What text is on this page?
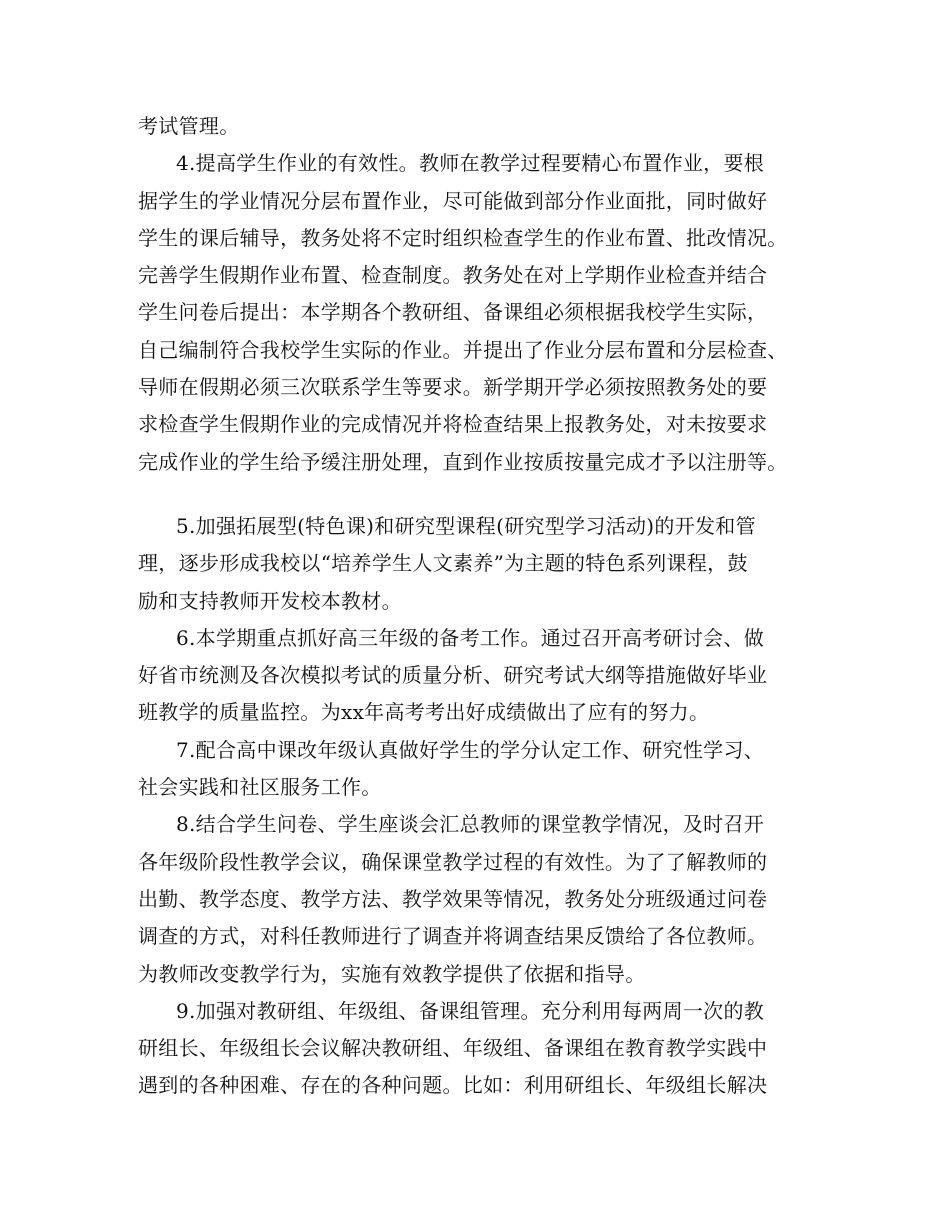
考试管理。
4.提高学生作业的有效性。教师在教学过程要精心布置作业，要根
据学生的学业情况分层布置作业，尽可能做到部分作业面批，同时做好
学生的课后辅导，教务处将不定时组织检查学生的作业布置、批改情况。
完善学生假期作业布置、检查制度。教务处在对上学期作业检查并结合
学生问卷后提出：本学期各个教研组、备课组必须根据我校学生实际，
自己编制符合我校学生实际的作业。并提出了作业分层布置和分层检查、
导师在假期必须三次联系学生等要求。新学期开学必须按照教务处的要
求检查学生假期作业的完成情况并将检查结果上报教务处，对未按要求
完成作业的学生给予缓注册处理，直到作业按质按量完成才予以注册等。
5.加强拓展型(特色课)和研究型课程(研究型学习活动)的开发和管
理，逐步形成我校以“培养学生人文素养”为主题的特色系列课程，鼓
励和支持教师开发校本教材。
6.本学期重点抓好高三年级的备考工作。通过召开高考研讨会、做
好省市统测及各次模拟考试的质量分析、研究考试大纲等措施做好毕业
班教学的质量监控。为xx年高考考出好成绩做出了应有的努力。
7.配合高中课改年级认真做好学生的学分认定工作、研究性学习、
社会实践和社区服务工作。
8.结合学生问卷、学生座谈会汇总教师的课堂教学情况，及时召开
各年级阶段性教学会议，确保课堂教学过程的有效性。为了了解教师的
出勤、教学态度、教学方法、教学效果等情况，教务处分班级通过问卷
调查的方式，对科任教师进行了调查并将调查结果反馈给了各位教师。
为教师改变教学行为，实施有效教学提供了依据和指导。
9.加强对教研组、年级组、备课组管理。充分利用每两周一次的教
研组长、年级组长会议解决教研组、年级组、备课组在教育教学实践中
遇到的各种困难、存在的各种问题。比如：利用研组长、年级组长解决
